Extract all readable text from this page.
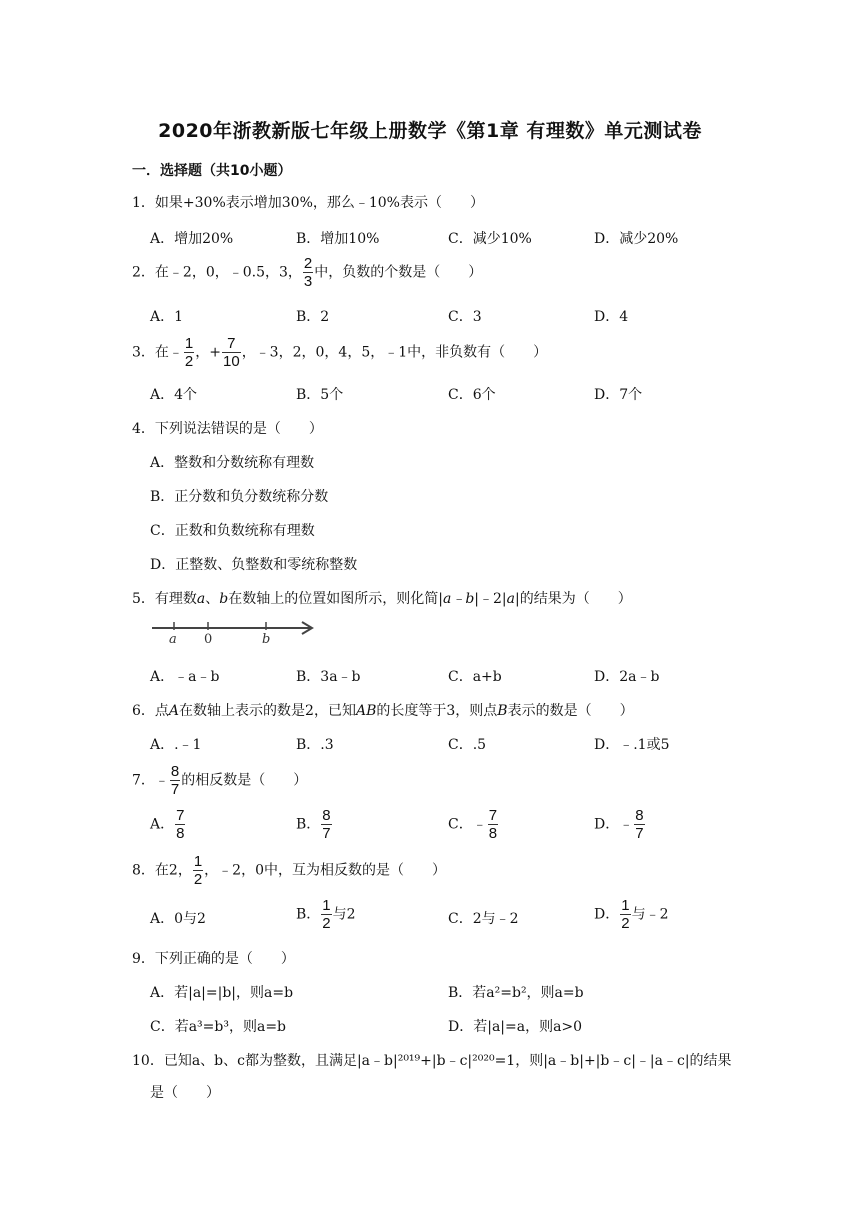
2020年浙教新版七年级上册数学《第1章 有理数》单元测试卷
一．选择题（共10小题）
1．如果+30%表示增加30%，那么﹣10%表示（　　）
A．增加20%	B．增加10%	C．减少10%	D．减少20%
2．在﹣2，0，﹣0.5，3， $\frac{2}{3}$ 中，负数的个数是（　　）
A．1	B．2	C．3	D．4
3．在﹣ $\frac{1}{2}$ ，+ $\frac{7}{10}$ ，﹣3，2，0，4，5，﹣1中，非负数有（　　）
A．4个	B．5个	C．6个	D．7个
4．下列说法错误的是（　　）
A．整数和分数统称有理数
B．正分数和负分数统称分数
C．正数和负数统称有理数
D．正整数、负整数和零统称整数
5．有理数a、b在数轴上的位置如图所示，则化简|a﹣b|﹣2|a|的结果为（　　）
a 0	b
A．﹣a﹣b	B．3a﹣b	C．a+b	D．2a﹣b
6．点A在数轴上表示的数是2，已知AB的长度等于3，则点B表示的数是（　　）
A．.﹣1	B．.3	C．.5	D．﹣.1或5
7．﹣ $\frac{8}{7}$ 的相反数是（　　）
A． $\frac{7}{8}$	B． $\frac{8}{7}$	C．﹣ $\frac{7}{8}$	D．﹣ $\frac{8}{7}$
8．在2， $\frac{1}{2}$ ，﹣2，0中，互为相反数的是（　　）
A．0与2	B． $\frac{1}{2}$ 与2	C．2与﹣2	D． $\frac{1}{2}$ 与﹣2
9．下列正确的是（　　）
A．若|a|=|b|，则a=b	B．若a²=b²，则a=b
C．若a³=b³，则a=b	D．若|a|=a，则a>0
10．已知a、b、c都为整数，且满足|a﹣b|²⁰¹⁹+|b﹣c|²⁰²⁰=1，则|a﹣b|+|b﹣c|﹣|a﹣c|的结果
是（　　）
